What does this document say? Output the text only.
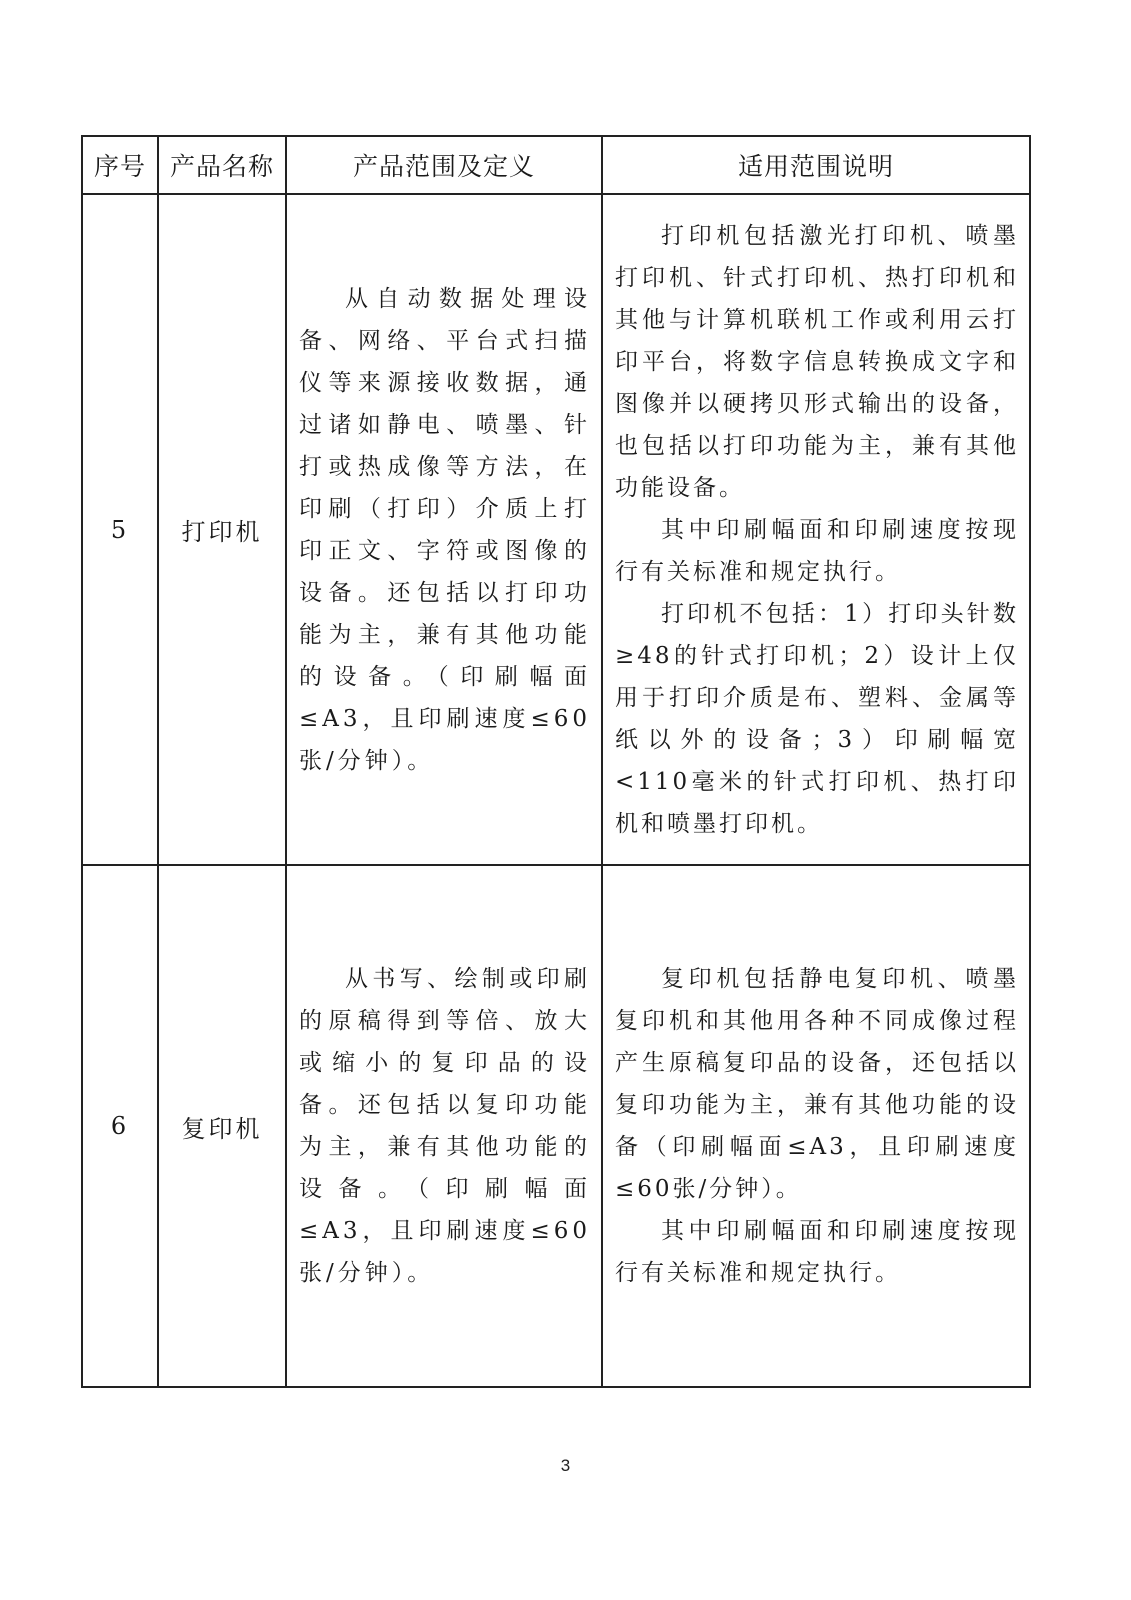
序号	产品名称	产品范围及定义	适用范围说明
5	打印机	从自动数据处理设备、网络、平台式扫描仪等来源接收数据，通过诸如静电、喷墨、针打或热成像等方法，在印刷（打印）介质上打印正文、字符或图像的设备。还包括以打印功能为主，兼有其他功能的设备。（印刷幅面≤A3，且印刷速度≤60张/分钟）。	打印机包括激光打印机、喷墨打印机、针式打印机、热打印机和其他与计算机联机工作或利用云打印平台，将数字信息转换成文字和图像并以硬拷贝形式输出的设备，也包括以打印功能为主，兼有其他功能设备。

其中印刷幅面和印刷速度按现行有关标准和规定执行。

打印机不包括：1）打印头针数≥48的针式打印机；2）设计上仅用于打印介质是布、塑料、金属等纸以外的设备；3）印刷幅宽<110毫米的针式打印机、热打印机和喷墨打印机。

6	复印机	从书写、绘制或印刷的原稿得到等倍、放大或缩小的复印品的设备。还包括以复印功能为主，兼有其他功能的设备。（印刷幅面≤A3，且印刷速度≤60张/分钟）。	复印机包括静电复印机、喷墨复印机和其他用各种不同成像过程产生原稿复印品的设备，还包括以复印功能为主，兼有其他功能的设备（印刷幅面≤A3，且印刷速度≤60张/分钟）。

其中印刷幅面和印刷速度按现行有关标准和规定执行。

3
